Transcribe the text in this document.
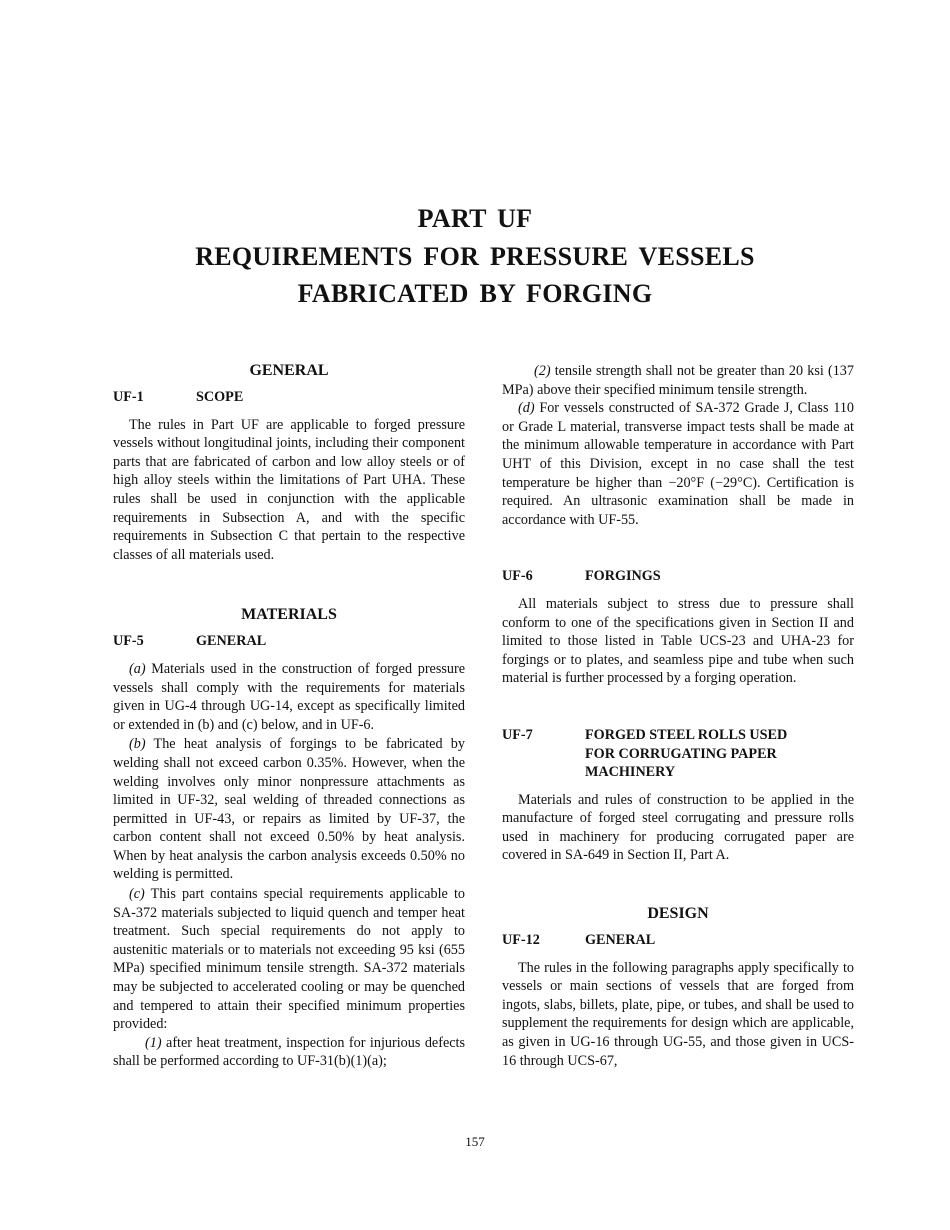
PART UF
REQUIREMENTS FOR PRESSURE VESSELS
FABRICATED BY FORGING
GENERAL
UF-1	SCOPE

The rules in Part UF are applicable to forged pressure vessels without longitudinal joints, including their component parts that are fabricated of carbon and low alloy steels or of high alloy steels within the limitations of Part UHA. These rules shall be used in conjunction with the applicable requirements in Subsection A, and with the specific requirements in Subsection C that pertain to the respective classes of all materials used.

MATERIALS
UF-5	GENERAL

(a) Materials used in the construction of forged pressure vessels shall comply with the requirements for materials given in UG-4 through UG-14, except as specifically limited or extended in (b) and (c) below, and in UF-6.

(b) The heat analysis of forgings to be fabricated by welding shall not exceed carbon 0.35%. However, when the welding involves only minor nonpressure attachments as limited in UF-32, seal welding of threaded connections as permitted in UF-43, or repairs as limited by UF-37, the carbon content shall not exceed 0.50% by heat analysis. When by heat analysis the carbon analysis exceeds 0.50% no welding is permitted.

(c) This part contains special requirements applicable to SA-372 materials subjected to liquid quench and temper heat treatment. Such special requirements do not apply to austenitic materials or to materials not exceeding 95 ksi (655 MPa) specified minimum tensile strength. SA-372 materials may be subjected to accelerated cooling or may be quenched and tempered to attain their specified minimum properties provided:

(1) after heat treatment, inspection for injurious defects shall be performed according to UF-31(b)(1)(a);

(2) tensile strength shall not be greater than 20 ksi (137 MPa) above their specified minimum tensile strength.

(d) For vessels constructed of SA-372 Grade J, Class 110 or Grade L material, transverse impact tests shall be made at the minimum allowable temperature in accordance with Part UHT of this Division, except in no case shall the test temperature be higher than −20°F (−29°C). Certification is required. An ultrasonic examination shall be made in accordance with UF-55.

UF-6	FORGINGS

All materials subject to stress due to pressure shall conform to one of the specifications given in Section II and limited to those listed in Table UCS-23 and UHA-23 for forgings or to plates, and seamless pipe and tube when such material is further processed by a forging operation.

UF-7	FORGED STEEL ROLLS USED
FOR CORRUGATING PAPER
MACHINERY

Materials and rules of construction to be applied in the manufacture of forged steel corrugating and pressure rolls used in machinery for producing corrugated paper are covered in SA-649 in Section II, Part A.

DESIGN
UF-12	GENERAL

The rules in the following paragraphs apply specifically to vessels or main sections of vessels that are forged from ingots, slabs, billets, plate, pipe, or tubes, and shall be used to supplement the requirements for design which are applicable, as given in UG-16 through UG-55, and those given in UCS-16 through UCS-67,

157
